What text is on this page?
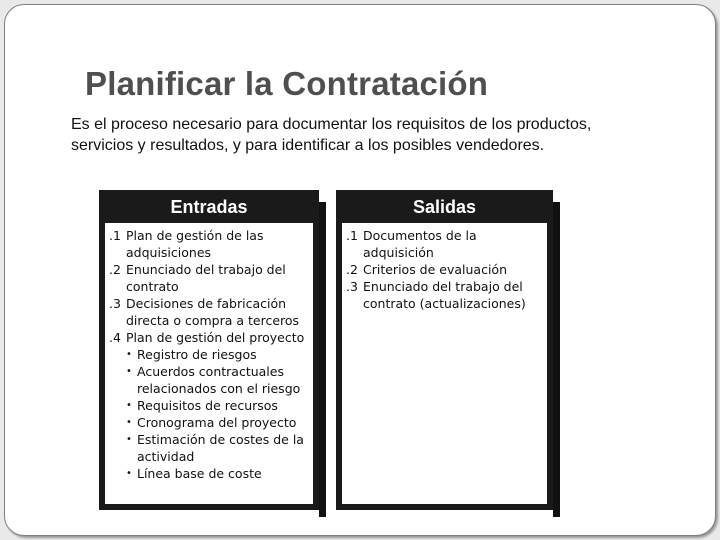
Planificar la Contratación

Es el proceso necesario para documentar los requisitos de los productos, servicios y resultados, y para identificar a los posibles vendedores.

Entradas
.1 Plan de gestión de las adquisiciones
.2 Enunciado del trabajo del contrato
.3 Decisiones de fabricación directa o compra a terceros
.4 Plan de gestión del proyecto
• Registro de riesgos
• Acuerdos contractuales relacionados con el riesgo
• Requisitos de recursos
• Cronograma del proyecto
• Estimación de costes de la actividad
• Línea base de coste
Salidas
.1 Documentos de la adquisición
.2 Criterios de evaluación
.3 Enunciado del trabajo del contrato (actualizaciones)
